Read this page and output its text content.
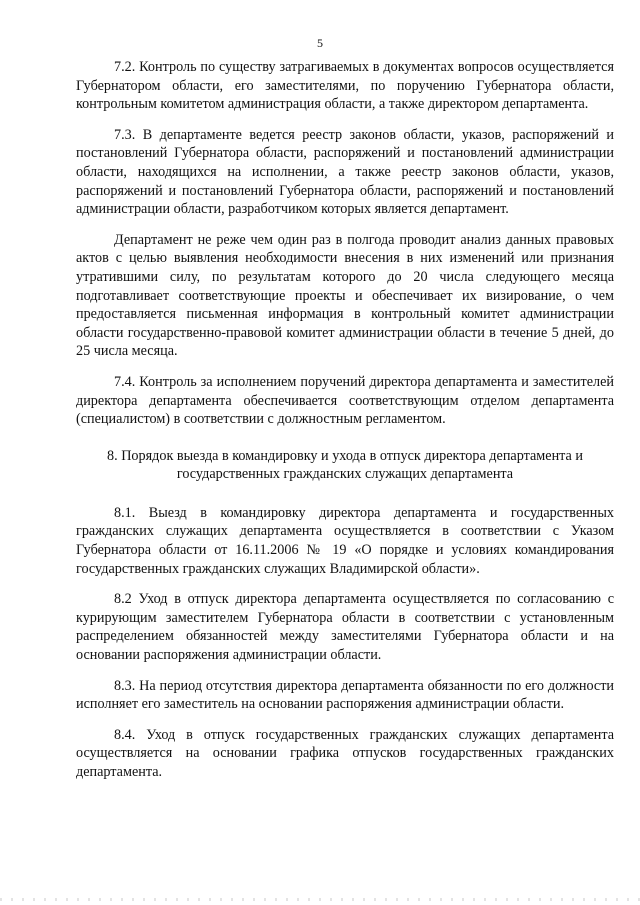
5

7.2. Контроль по существу затрагиваемых в документах вопросов осуществляется Губернатором области, его заместителями, по поручению Губернатора области, контрольным комитетом администрация области, а также директором департамента.

7.3. В департаменте ведется реестр законов области, указов, распоряжений и постановлений Губернатора области, распоряжений и постановлений администрации области, находящихся на исполнении, а также реестр законов области, указов, распоряжений и постановлений Губернатора области, распоряжений и постановлений администрации области, разработчиком которых является департамент.

Департамент не реже чем один раз в полгода проводит анализ данных правовых актов с целью выявления необходимости внесения в них изменений или признания утратившими силу, по результатам которого до 20 числа следующего месяца подготавливает соответствующие проекты и обеспечивает их визирование, о чем предоставляется письменная информация в контрольный комитет администрации области государственно-правовой комитет администрации области в течение 5 дней, до 25 числа месяца.

7.4. Контроль за исполнением поручений директора департамента и заместителей директора департамента обеспечивается соответствующим отделом департамента (специалистом) в соответствии с должностным регламентом.

8. Порядок выезда в командировку и ухода в отпуск директора департамента и государственных гражданских служащих департамента

8.1. Выезд в командировку директора департамента и государственных гражданских служащих департамента осуществляется в соответствии с Указом Губернатора области от 16.11.2006 № 19 «О порядке и условиях командирования государственных гражданских служащих Владимирской области».

8.2 Уход в отпуск директора департамента осуществляется по согласованию с курирующим заместителем Губернатора области в соответствии с установленным распределением обязанностей между заместителями Губернатора области и на основании распоряжения администрации области.

8.3. На период отсутствия директора департамента обязанности по его должности исполняет его заместитель на основании распоряжения администрации области.

8.4. Уход в отпуск государственных гражданских служащих департамента осуществляется на основании графика отпусков государственных гражданских департамента.
